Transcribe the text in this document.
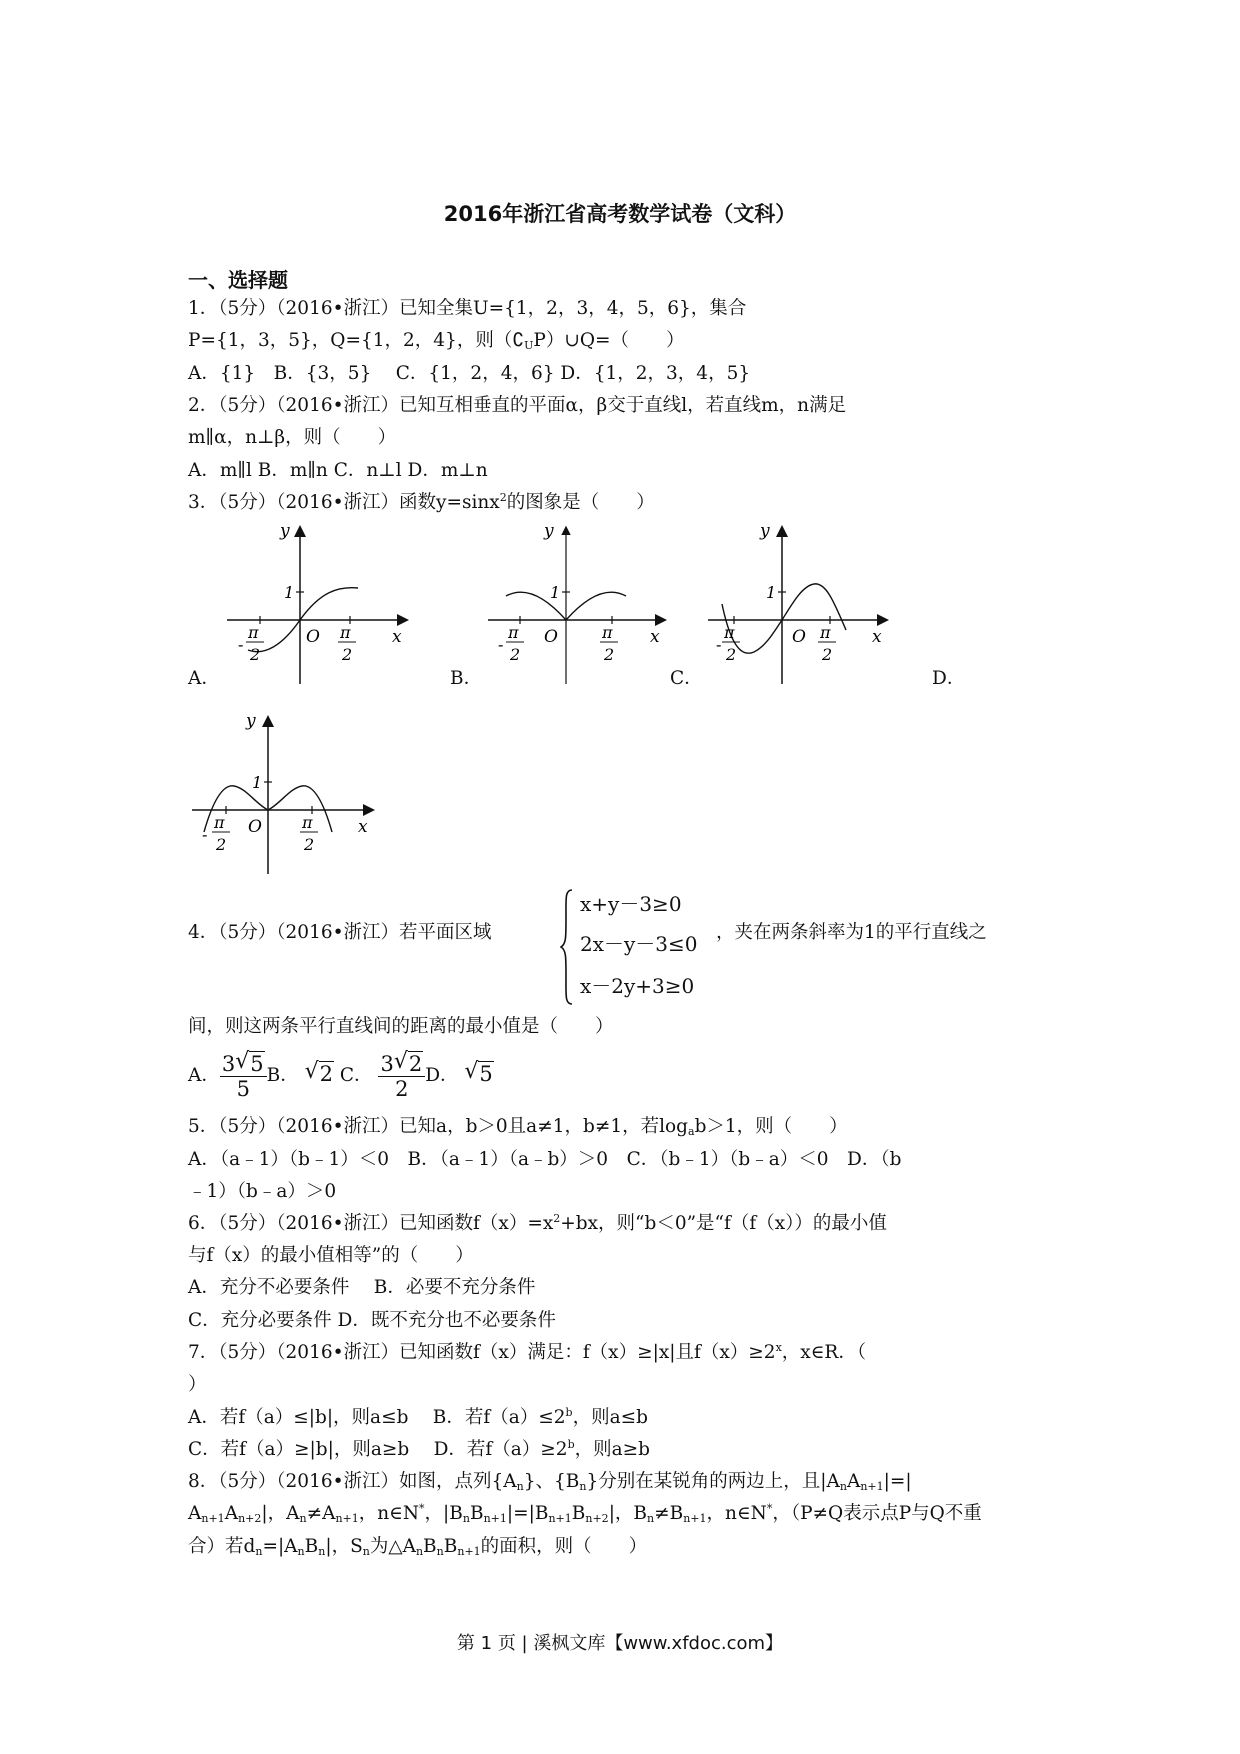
2016年浙江省高考数学试卷（文科）
一、选择题
1．（5分）（2016•浙江）已知全集U={1，2，3，4，5，6}，集合
P={1，3，5}，Q={1，2，4}，则$(∁_UP)\cup Q=$（　　）
A．{1}　B．{3，5}　 C．{1，2，4，6} D．{1，2，3，4，5}
2．（5分）（2016•浙江）已知互相垂直的平面α，β交于直线l，若直线m，n满足
m∥α，n⊥β，则（　　）
A．m∥l B．m∥n C．n⊥l D．m⊥n
3．（5分）（2016•浙江）函数y=sinx$^2$的图象是（　　）
A．	B．	C．	D．
y
x
O
1
-
π
2
π
2
y
x
O
1
-
π
2
π
2
y
x
O
1
-
π
2
π
2
y
x
O
1
-
π
2
π
2
4．（5分）（2016•浙江）若平面区域
x+y－3≥0
2x－y－3≤0
x－2y+3≥0
，夹在两条斜率为1的平行直线之
间，则这两条平行直线间的距离的最小值是（　　）
A． $\frac{3 √ 5}{5}$ B． √ 2 C． $\frac{3 √ 2}{2}$ D． √ 5
5．（5分）（2016•浙江）已知a，b＞0且a≠1，b≠1，若$\log_ab>1$，则（　　）
A．（a﹣1）（b﹣1）＜0　B．（a﹣1）（a﹣b）＞0　C．（b﹣1）（b﹣a）＜0　D．（b
﹣1）（b﹣a）＞0
6．（5分）（2016•浙江）已知函数$f(x)=x^2+bx$，则“b＜0”是“f（f（x））的最小值
与f（x）的最小值相等”的（　　）
A．充分不必要条件　 B．必要不充分条件
C．充分必要条件 D．既不充分也不必要条件
7．（5分）（2016•浙江）已知函数f（x）满足：f（x）≥|x|且$f(x)\ge 2^x$，x∈R．（
）
A．若f（a）≤|b|，则a≤b　 B．若$f(a)\le 2^b$，则a≤b
C．若f（a）≥|b|，则a≥b　 D．若$f(a)\ge 2^b$，则a≥b
8．（5分）（2016•浙江）如图，点列$\{A_n\}$、$\{B_n\}$分别在某锐角的两边上，且$|A_nA_{n+1}|=|$
$A_{n+1}A_{n+2}|$，$A_n\ne A_{n+1}$，n∈N*，$|B_nB_{n+1}|=|B_{n+1}B_{n+2}|$，$B_n\ne B_{n+1}$，n∈N*，（P≠Q表示点P与Q不重
合）若$d_n=|A_nB_n|$，$S_n$为$\triangle A_nB_nB_{n+1}$的面积，则（　　）
第 1 页 | 溪枫文库【www.xfdoc.com】
